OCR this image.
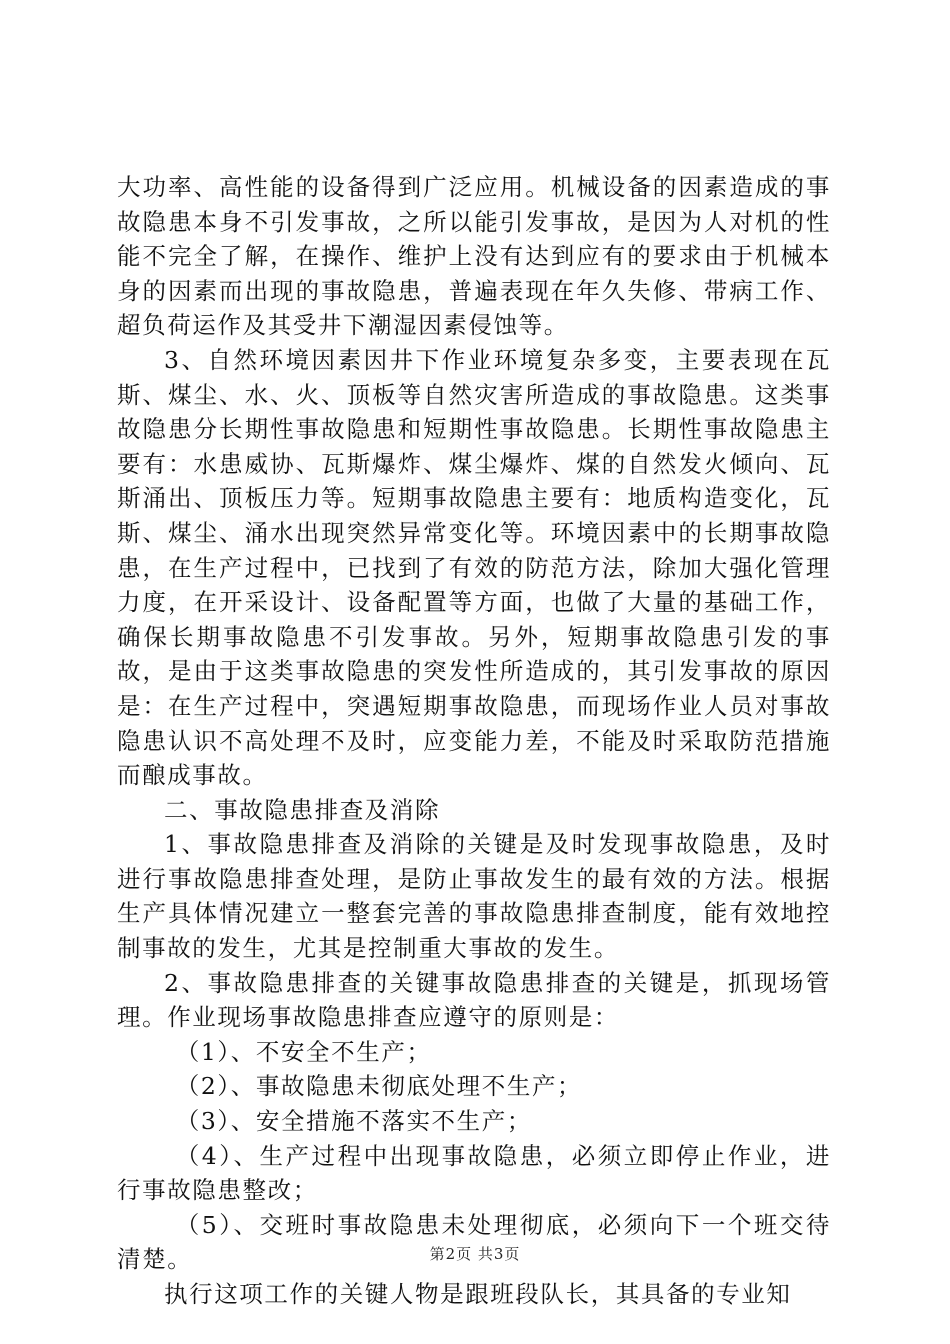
大功率、高性能的设备得到广泛应用。机械设备的因素造成的事故隐患本身不引发事故，之所以能引发事故，是因为人对机的性能不完全了解，在操作、维护上没有达到应有的要求由于机械本身的因素而出现的事故隐患，普遍表现在年久失修、带病工作、超负荷运作及其受井下潮湿因素侵蚀等。

3、自然环境因素因井下作业环境复杂多变，主要表现在瓦斯、煤尘、水、火、顶板等自然灾害所造成的事故隐患。这类事故隐患分长期性事故隐患和短期性事故隐患。长期性事故隐患主要有：水患威协、瓦斯爆炸、煤尘爆炸、煤的自然发火倾向、瓦斯涌出、顶板压力等。短期事故隐患主要有：地质构造变化，瓦斯、煤尘、涌水出现突然异常变化等。环境因素中的长期事故隐患，在生产过程中，已找到了有效的防范方法，除加大强化管理力度，在开采设计、设备配置等方面，也做了大量的基础工作，确保长期事故隐患不引发事故。另外，短期事故隐患引发的事故，是由于这类事故隐患的突发性所造成的，其引发事故的原因是：在生产过程中，突遇短期事故隐患，而现场作业人员对事故隐患认识不高处理不及时，应变能力差，不能及时采取防范措施而酿成事故。

二、事故隐患排查及消除

1、事故隐患排查及消除的关键是及时发现事故隐患，及时进行事故隐患排查处理，是防止事故发生的最有效的方法。根据生产具体情况建立一整套完善的事故隐患排查制度，能有效地控制事故的发生，尤其是控制重大事故的发生。

2、事故隐患排查的关键事故隐患排查的关键是，抓现场管理。作业现场事故隐患排查应遵守的原则是：

（1）、不安全不生产；

（2）、事故隐患未彻底处理不生产；

（3）、安全措施不落实不生产；

（4）、生产过程中出现事故隐患，必须立即停止作业，进行事故隐患整改；

（5）、交班时事故隐患未处理彻底，必须向下一个班交待清楚。

执行这项工作的关键人物是跟班段队长，其具备的专业知

第2页 共3页
